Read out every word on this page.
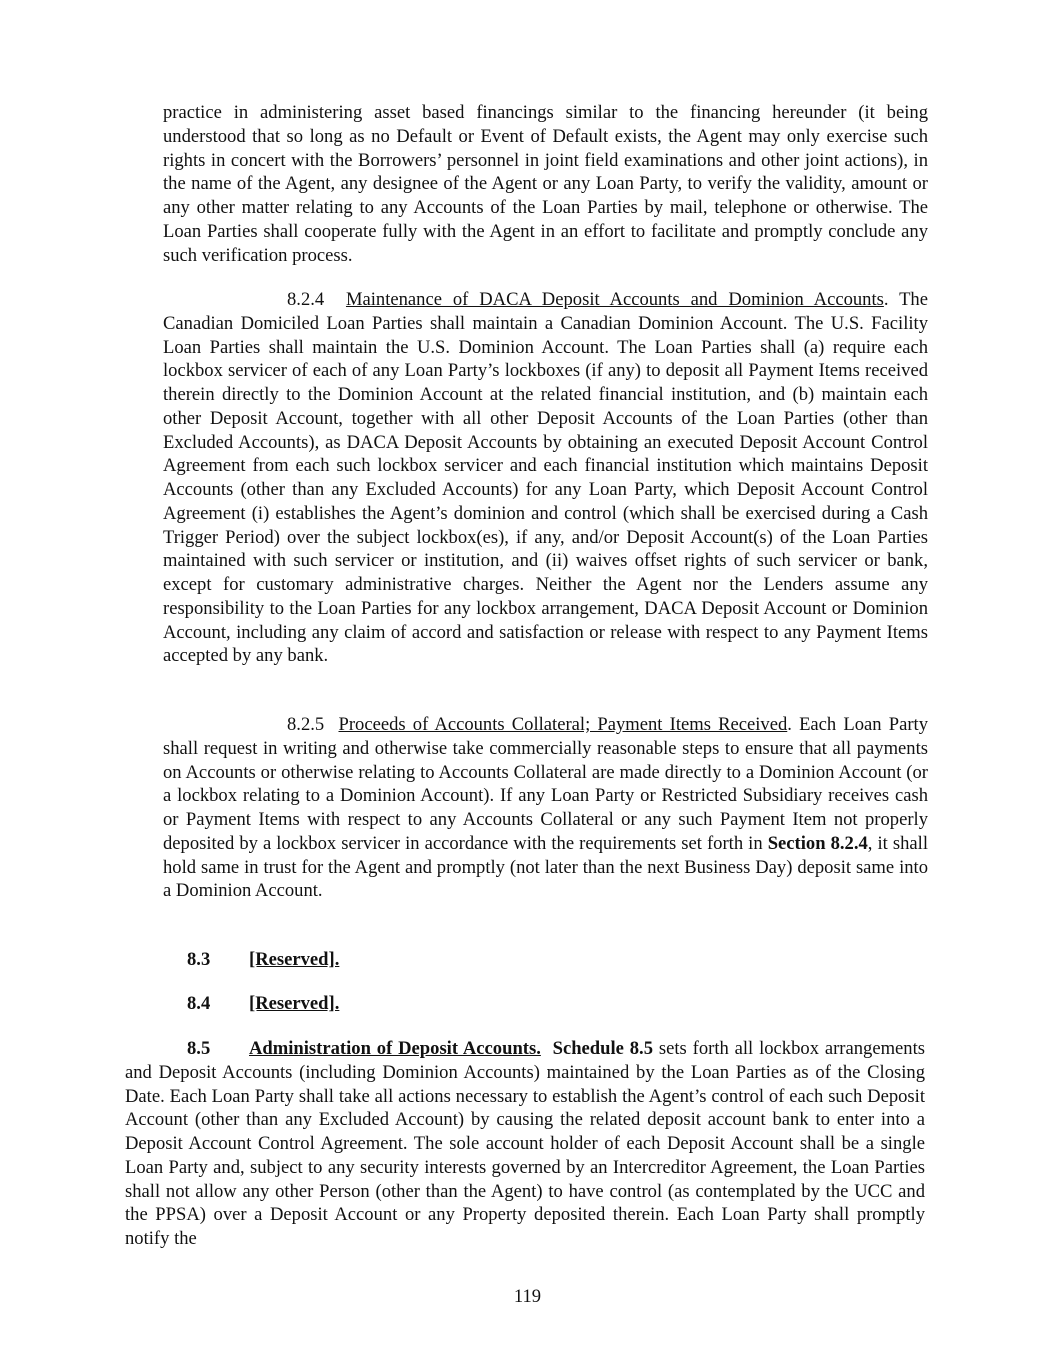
practice in administering asset based financings similar to the financing hereunder (it being understood that so long as no Default or Event of Default exists, the Agent may only exercise such rights in concert with the Borrowers’ personnel in joint field examinations and other joint actions), in the name of the Agent, any designee of the Agent or any Loan Party, to verify the validity, amount or any other matter relating to any Accounts of the Loan Parties by mail, telephone or otherwise. The Loan Parties shall cooperate fully with the Agent in an effort to facilitate and promptly conclude any such verification process.

8.2.4 Maintenance of DACA Deposit Accounts and Dominion Accounts. The Canadian Domiciled Loan Parties shall maintain a Canadian Dominion Account. The U.S. Facility Loan Parties shall maintain the U.S. Dominion Account. The Loan Parties shall (a) require each lockbox servicer of each of any Loan Party’s lockboxes (if any) to deposit all Payment Items received therein directly to the Dominion Account at the related financial institution, and (b) maintain each other Deposit Account, together with all other Deposit Accounts of the Loan Parties (other than Excluded Accounts), as DACA Deposit Accounts by obtaining an executed Deposit Account Control Agreement from each such lockbox servicer and each financial institution which maintains Deposit Accounts (other than any Excluded Accounts) for any Loan Party, which Deposit Account Control Agreement (i) establishes the Agent’s dominion and control (which shall be exercised during a Cash Trigger Period) over the subject lockbox(es), if any, and/or Deposit Account(s) of the Loan Parties maintained with such servicer or institution, and (ii) waives offset rights of such servicer or bank, except for customary administrative charges. Neither the Agent nor the Lenders assume any responsibility to the Loan Parties for any lockbox arrangement, DACA Deposit Account or Dominion Account, including any claim of accord and satisfaction or release with respect to any Payment Items accepted by any bank.

8.2.5 Proceeds of Accounts Collateral; Payment Items Received. Each Loan Party shall request in writing and otherwise take commercially reasonable steps to ensure that all payments on Accounts or otherwise relating to Accounts Collateral are made directly to a Dominion Account (or a lockbox relating to a Dominion Account). If any Loan Party or Restricted Subsidiary receives cash or Payment Items with respect to any Accounts Collateral or any such Payment Item not properly deposited by a lockbox servicer in accordance with the requirements set forth in Section 8.2.4, it shall hold same in trust for the Agent and promptly (not later than the next Business Day) deposit same into a Dominion Account.

8.3 [Reserved].
8.4 [Reserved].

8.5 Administration of Deposit Accounts. Schedule 8.5 sets forth all lockbox arrangements and Deposit Accounts (including Dominion Accounts) maintained by the Loan Parties as of the Closing Date. Each Loan Party shall take all actions necessary to establish the Agent’s control of each such Deposit Account (other than any Excluded Account) by causing the related deposit account bank to enter into a Deposit Account Control Agreement. The sole account holder of each Deposit Account shall be a single Loan Party and, subject to any security interests governed by an Intercreditor Agreement, the Loan Parties shall not allow any other Person (other than the Agent) to have control (as contemplated by the UCC and the PPSA) over a Deposit Account or any Property deposited therein. Each Loan Party shall promptly notify the

119
